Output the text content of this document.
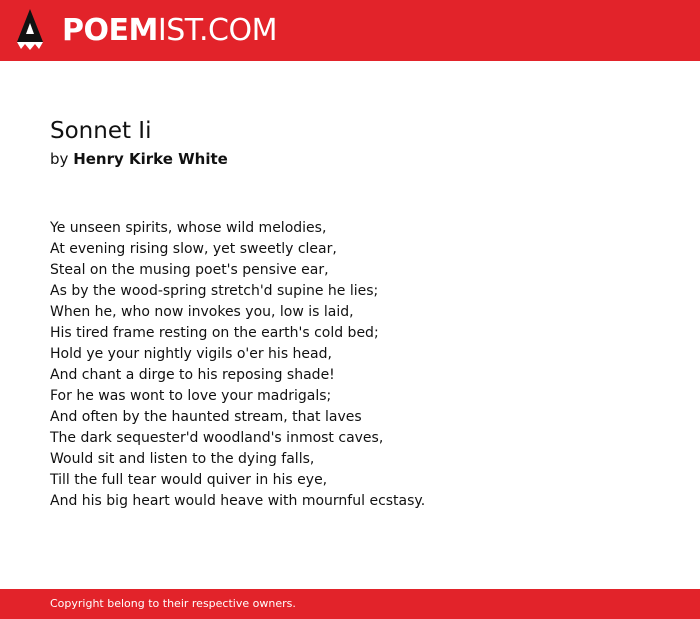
POEMIST.COM
Sonnet Ii
by Henry Kirke White
Ye unseen spirits, whose wild melodies,
At evening rising slow, yet sweetly clear,
Steal on the musing poet's pensive ear,
As by the wood-spring stretch'd supine he lies;
When he, who now invokes you, low is laid,
His tired frame resting on the earth's cold bed;
Hold ye your nightly vigils o'er his head,
And chant a dirge to his reposing shade!
For he was wont to love your madrigals;
And often by the haunted stream, that laves
The dark sequester'd woodland's inmost caves,
Would sit and listen to the dying falls,
Till the full tear would quiver in his eye,
And his big heart would heave with mournful ecstasy.
Copyright belong to their respective owners.
